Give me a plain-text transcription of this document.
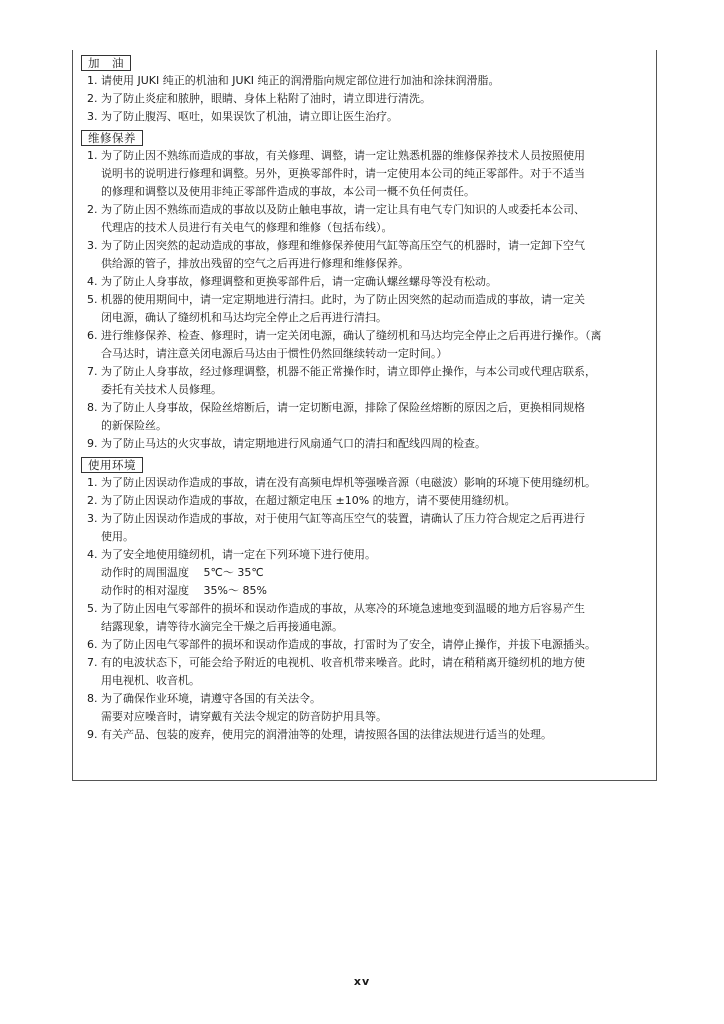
加　油
1. 请使用 JUKI 纯正的机油和 JUKI 纯正的润滑脂向规定部位进行加油和涂抹润滑脂。
2. 为了防止炎症和脓肿，眼睛、身体上粘附了油时，请立即进行清洗。
3. 为了防止腹泻、呕吐，如果误饮了机油，请立即让医生治疗。
维修保养
1. 为了防止因不熟练而造成的事故，有关修理、调整，请一定让熟悉机器的维修保养技术人员按照使用
说明书的说明进行修理和调整。另外，更换零部件时，请一定使用本公司的纯正零部件。对于不适当
的修理和调整以及使用非纯正零部件造成的事故，本公司一概不负任何责任。
2. 为了防止因不熟练而造成的事故以及防止触电事故，请一定让具有电气专门知识的人或委托本公司、
代理店的技术人员进行有关电气的修理和维修（包括布线）。
3. 为了防止因突然的起动造成的事故，修理和维修保养使用气缸等高压空气的机器时，请一定卸下空气
供给源的管子，排放出残留的空气之后再进行修理和维修保养。
4. 为了防止人身事故，修理调整和更换零部件后，请一定确认螺丝螺母等没有松动。
5. 机器的使用期间中，请一定定期地进行清扫。此时，为了防止因突然的起动而造成的事故，请一定关
闭电源，确认了缝纫机和马达均完全停止之后再进行清扫。
6. 进行维修保养、检查、修理时，请一定关闭电源，确认了缝纫机和马达均完全停止之后再进行操作。（离
合马达时，请注意关闭电源后马达由于惯性仍然回继续转动一定时间。）
7. 为了防止人身事故，经过修理调整，机器不能正常操作时，请立即停止操作，与本公司或代理店联系，
委托有关技术人员修理。
8. 为了防止人身事故，保险丝熔断后，请一定切断电源，排除了保险丝熔断的原因之后，更换相同规格
的新保险丝。
9. 为了防止马达的火灾事故，请定期地进行风扇通气口的清扫和配线四周的检查。
使用环境
1. 为了防止因误动作造成的事故，请在没有高频电焊机等强噪音源（电磁波）影响的环境下使用缝纫机。
2. 为了防止因误动作造成的事故，在超过额定电压 ±10% 的地方，请不要使用缝纫机。
3. 为了防止因误动作造成的事故，对于使用气缸等高压空气的装置，请确认了压力符合规定之后再进行
使用。
4. 为了安全地使用缝纫机，请一定在下列环境下进行使用。
动作时的周围温度　 5℃～ 35℃
动作时的相对湿度　 35%～ 85%
5. 为了防止因电气零部件的损坏和误动作造成的事故，从寒冷的环境急速地变到温暖的地方后容易产生
结露现象，请等待水滴完全干燥之后再接通电源。
6. 为了防止因电气零部件的损坏和误动作造成的事故，打雷时为了安全，请停止操作，并拔下电源插头。
7. 有的电波状态下，可能会给予附近的电视机、收音机带来噪音。此时，请在稍稍离开缝纫机的地方使
用电视机、收音机。
8. 为了确保作业环境，请遵守各国的有关法令。
需要对应噪音时，请穿戴有关法令规定的防音防护用具等。
9. 有关产品、包装的废弃，使用完的润滑油等的处理，请按照各国的法律法规进行适当的处理。
xv
